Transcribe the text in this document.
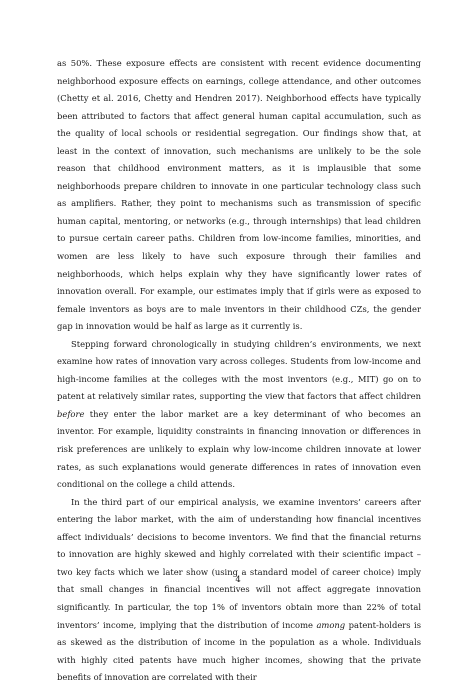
as 50%. These exposure effects are consistent with recent evidence documenting neighborhood exposure effects on earnings, college attendance, and other outcomes (Chetty et al. 2016, Chetty and Hendren 2017). Neighborhood effects have typically been attributed to factors that affect general human capital accumulation, such as the quality of local schools or residential segregation. Our findings show that, at least in the context of innovation, such mechanisms are unlikely to be the sole reason that childhood environment matters, as it is implausible that some neighborhoods prepare children to innovate in one particular technology class such as amplifiers. Rather, they point to mechanisms such as transmission of specific human capital, mentoring, or networks (e.g., through internships) that lead children to pursue certain career paths. Children from low-income families, minorities, and women are less likely to have such exposure through their families and neighborhoods, which helps explain why they have significantly lower rates of innovation overall. For example, our estimates imply that if girls were as exposed to female inventors as boys are to male inventors in their childhood CZs, the gender gap in innovation would be half as large as it currently is.

Stepping forward chronologically in studying children’s environments, we next examine how rates of innovation vary across colleges. Students from low-income and high-income families at the colleges with the most inventors (e.g., MIT) go on to patent at relatively similar rates, supporting the view that factors that affect children before they enter the labor market are a key determinant of who becomes an inventor. For example, liquidity constraints in financing innovation or differences in risk preferences are unlikely to explain why low-income children innovate at lower rates, as such explanations would generate differences in rates of innovation even conditional on the college a child attends.

In the third part of our empirical analysis, we examine inventors’ careers after entering the labor market, with the aim of understanding how financial incentives affect individuals’ decisions to become inventors. We find that the financial returns to innovation are highly skewed and highly correlated with their scientific impact – two key facts which we later show (using a standard model of career choice) imply that small changes in financial incentives will not affect aggregate innovation significantly. In particular, the top 1% of inventors obtain more than 22% of total inventors’ income, implying that the distribution of income among patent-holders is as skewed as the distribution of income in the population as a whole. Individuals with highly cited patents have much higher incomes, showing that the private benefits of innovation are correlated with their

4
